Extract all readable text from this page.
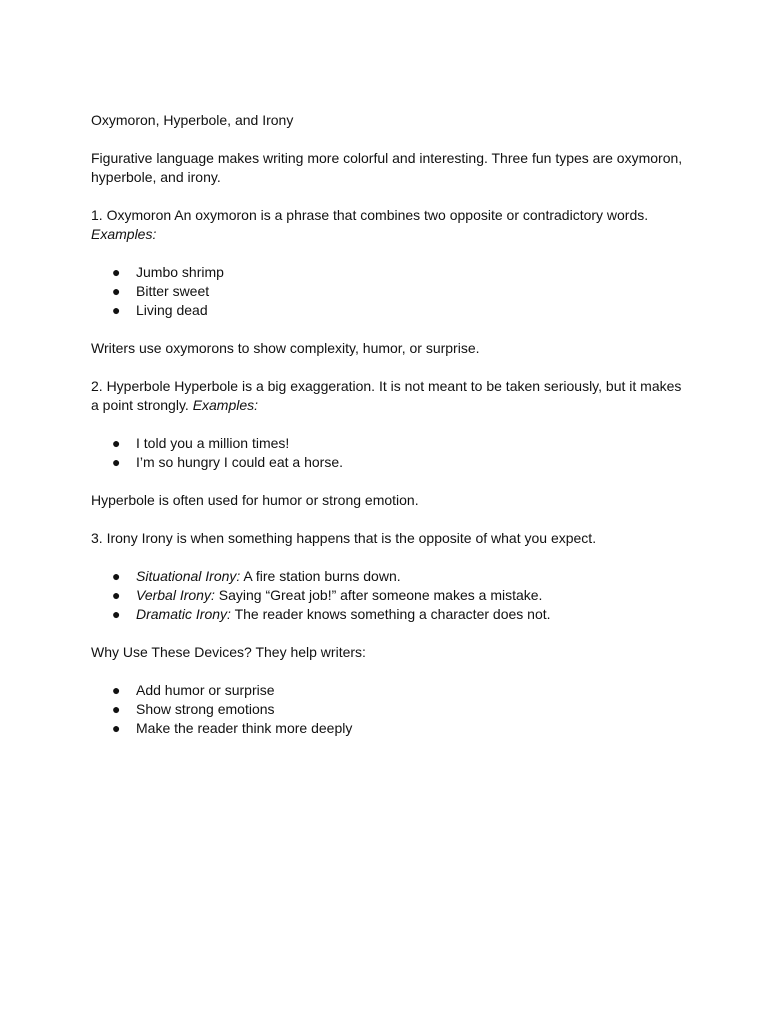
Oxymoron, Hyperbole, and Irony

Figurative language makes writing more colorful and interesting. Three fun types are oxymoron, hyperbole, and irony.

1. Oxymoron An oxymoron is a phrase that combines two opposite or contradictory words. Examples:

● Jumbo shrimp
● Bitter sweet
● Living dead

Writers use oxymorons to show complexity, humor, or surprise.

2. Hyperbole Hyperbole is a big exaggeration. It is not meant to be taken seriously, but it makes a point strongly. Examples:

● I told you a million times!
● I’m so hungry I could eat a horse.

Hyperbole is often used for humor or strong emotion.

3. Irony Irony is when something happens that is the opposite of what you expect.

● Situational Irony: A fire station burns down.
● Verbal Irony: Saying “Great job!” after someone makes a mistake.
● Dramatic Irony: The reader knows something a character does not.

Why Use These Devices? They help writers:

● Add humor or surprise
● Show strong emotions
● Make the reader think more deeply
